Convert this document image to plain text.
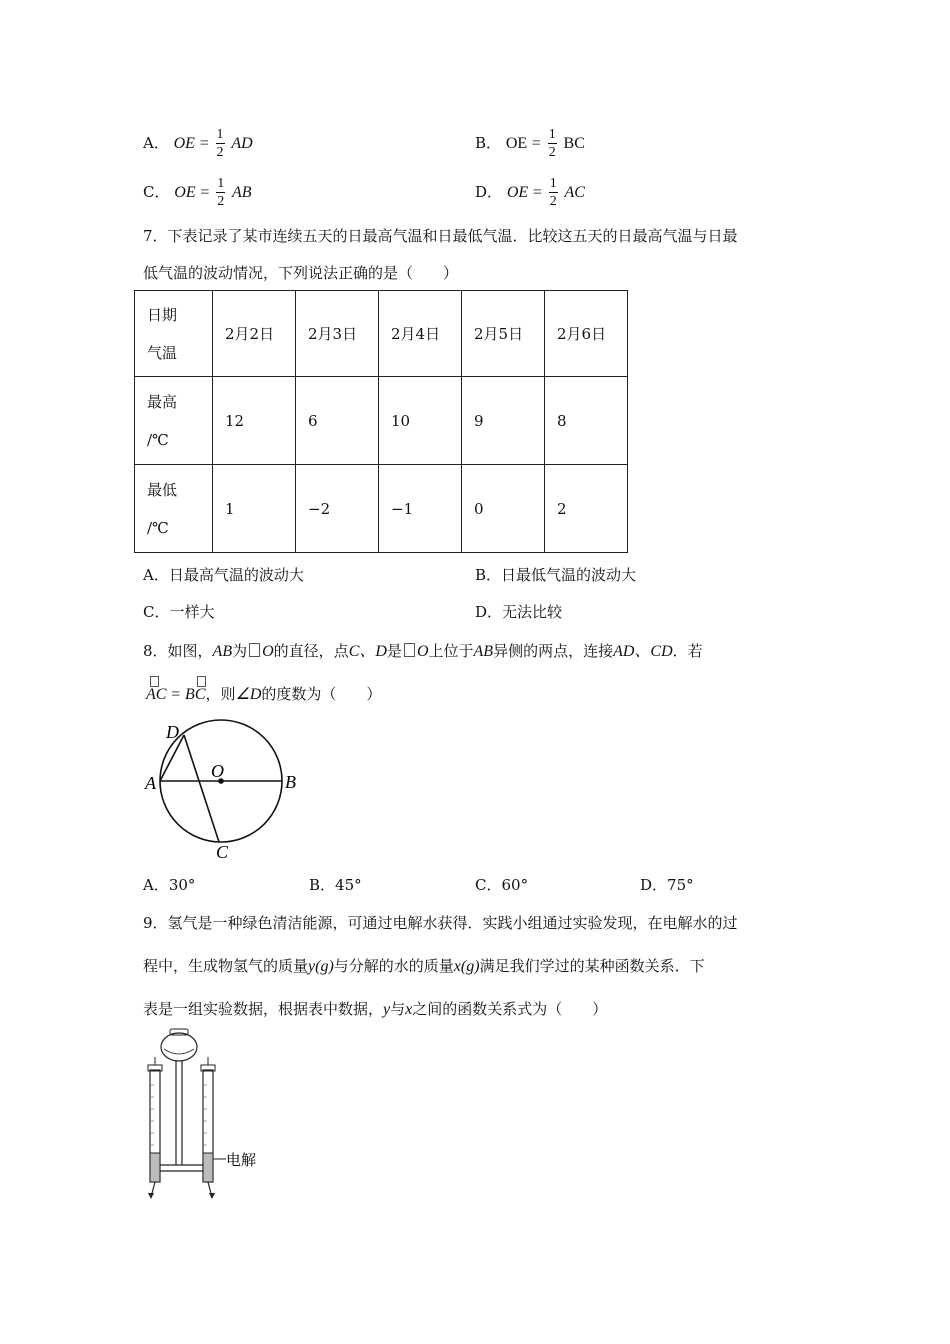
A． OE = $\frac{1}{2}$ AD	B． OE = $\frac{1}{2}$ BC
C． OE = $\frac{1}{2}$ AB	D． OE = $\frac{1}{2}$ AC
7．下表记录了某市连续五天的日最高气温和日最低气温．比较这五天的日最高气温与日最
低气温的波动情况，下列说法正确的是（　　）
日期
气温	2月2日	2月3日	2月4日	2月5日	2月6日

最高
/℃	12	6	10	9	8

最低
/℃	1	−2	−1	0	2
A．日最高气温的波动大	B．日最低气温的波动大
C．一样大	D．无法比较
8．如图，AB为 O的直径，点C、D是 O上位于AB异侧的两点，连接AD、CD．若
AC = BC，则∠D的度数为（　　）
D
A
O
B
C
A．30°	B．45°	C．60°	D．75°
9．氢气是一种绿色清洁能源，可通过电解水获得．实践小组通过实验发现，在电解水的过
程中，生成物氢气的质量y(g)与分解的水的质量x(g)满足我们学过的某种函数关系．下
表是一组实验数据，根据表中数据，y与x之间的函数关系式为（　　）
电解
